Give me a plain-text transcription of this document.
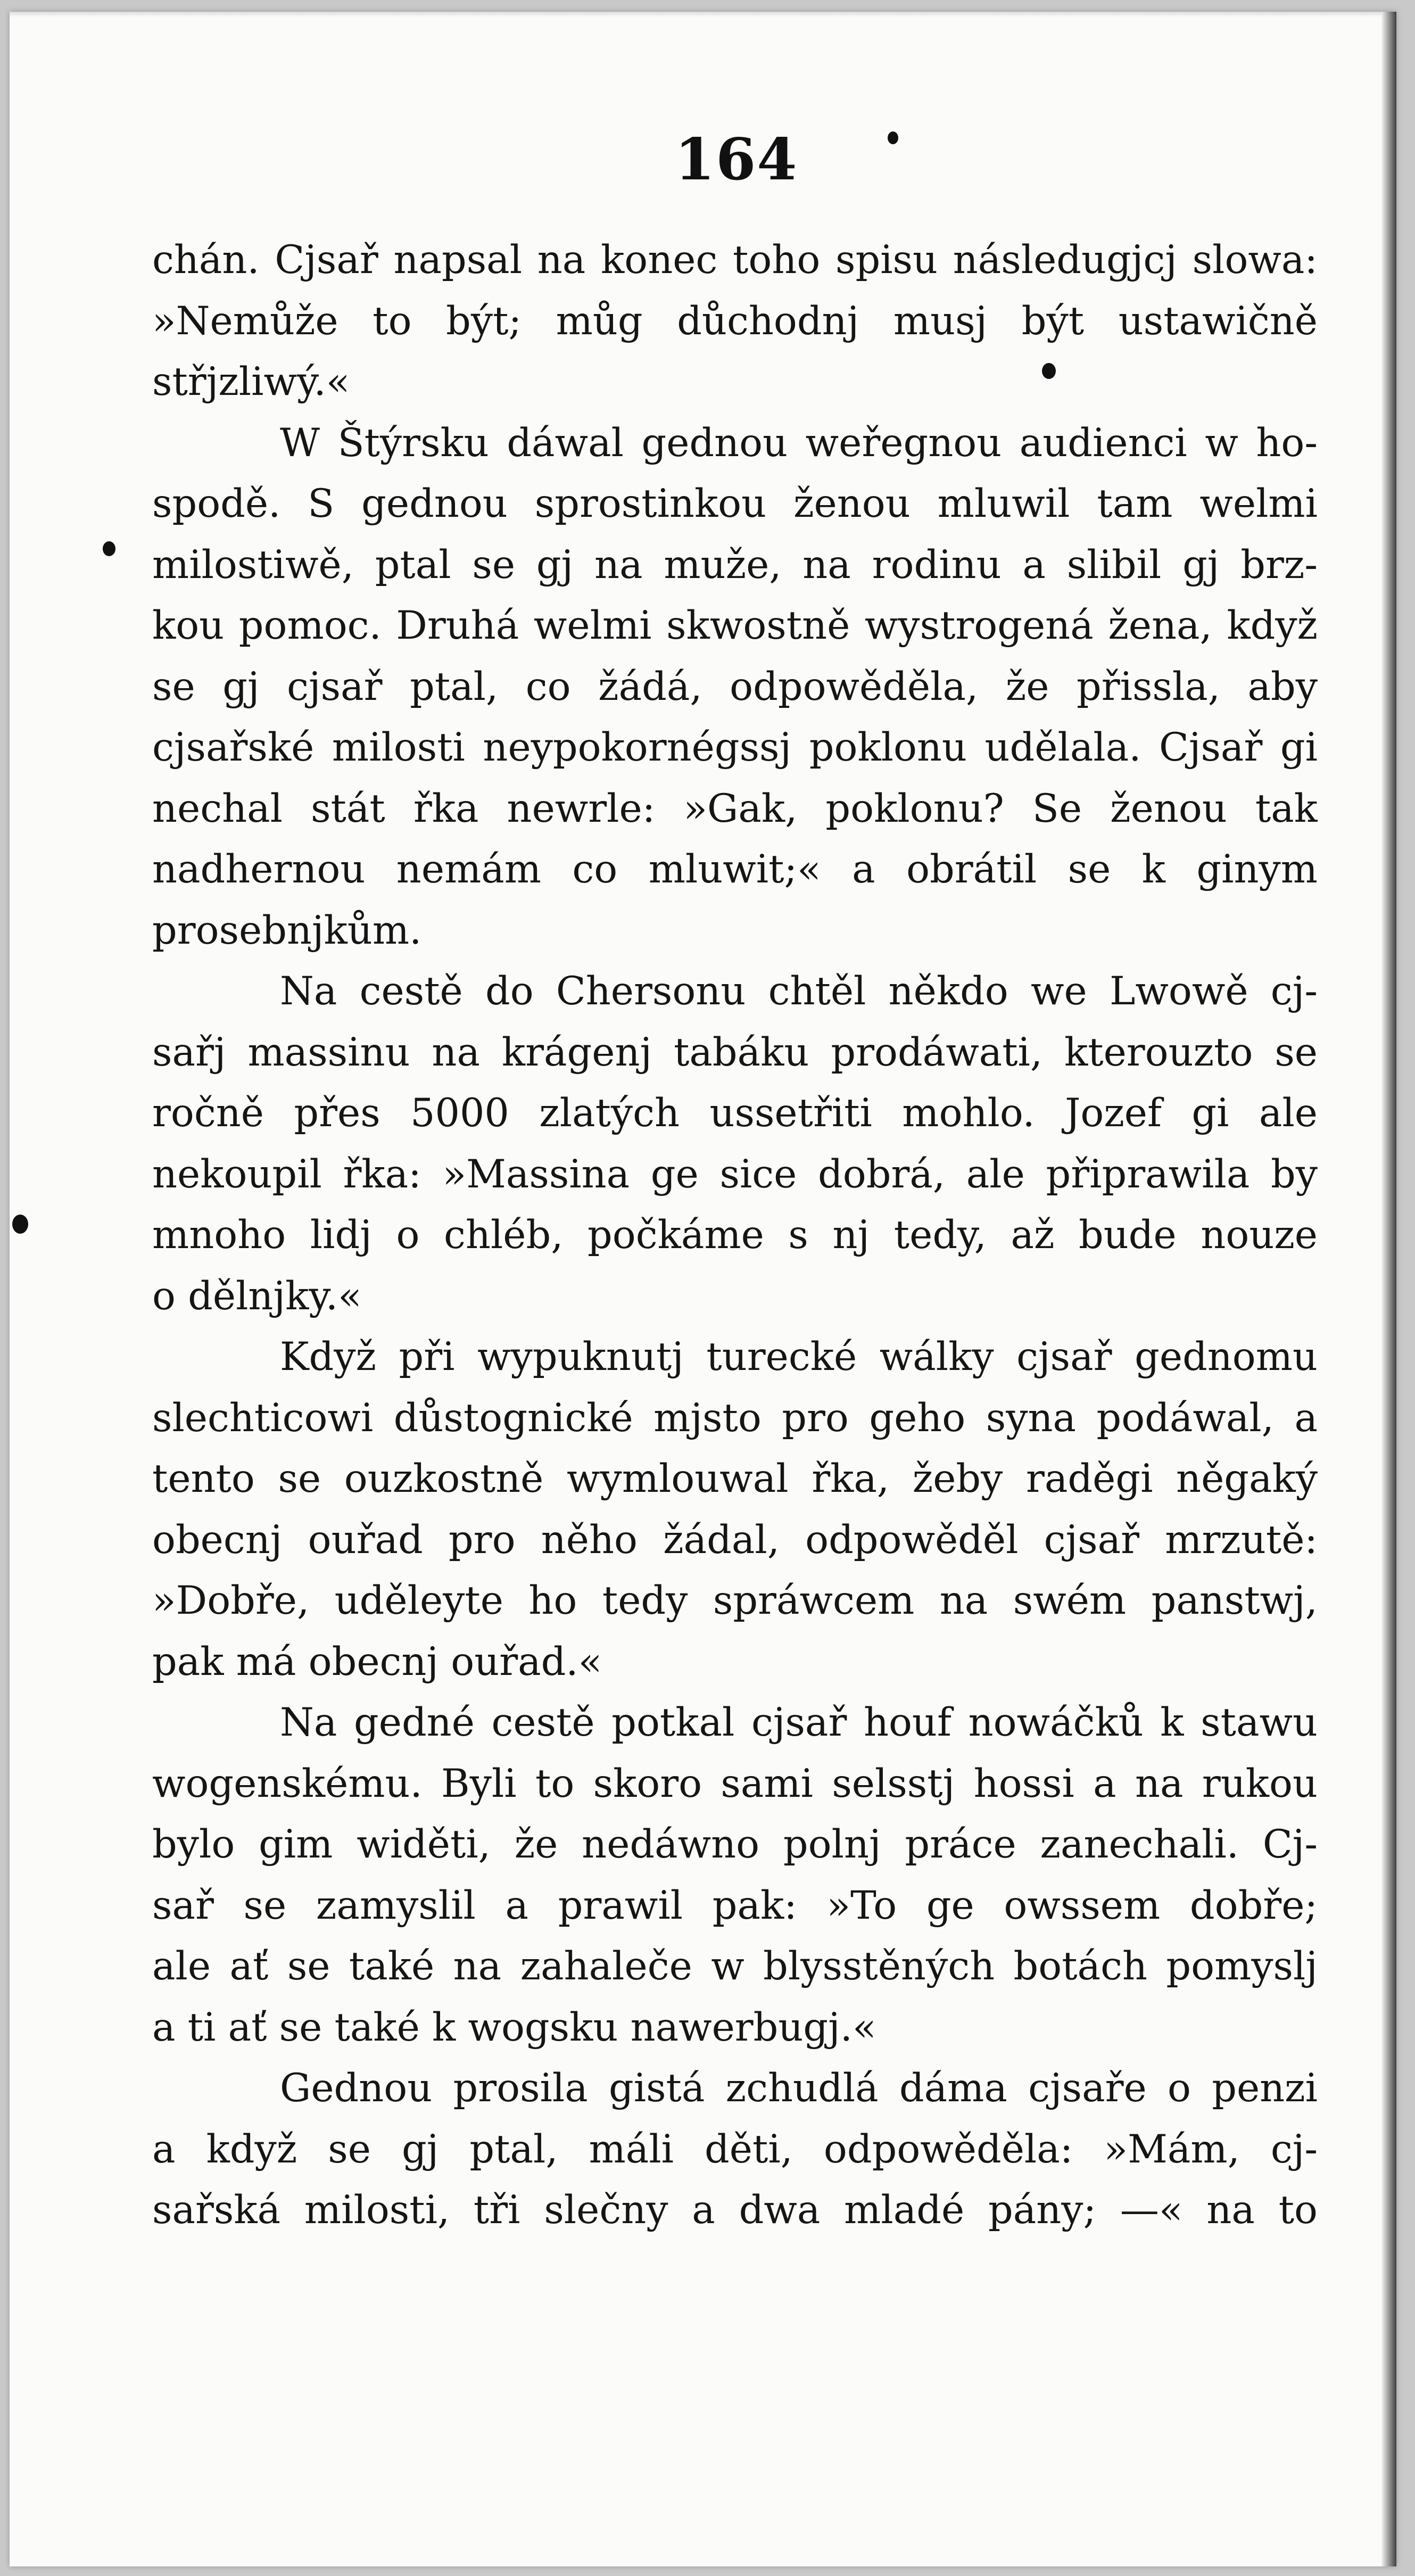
164

chán. Cjsař napsal na konec toho spisu následugjcj slowa:
»Nemůže to být; můg důchodnj musj být ustawičně
střjzliwý.«

W Štýrsku dáwal gednou weřegnou audienci w ho-
spodě. S gednou sprostinkou ženou mluwil tam welmi
milostiwě, ptal se gj na muže, na rodinu a slibil gj brz-
kou pomoc. Druhá welmi skwostně wystrogená žena, když
se gj cjsař ptal, co žádá, odpowěděla, že přissla, aby
cjsařské milosti neypokornégssj poklonu udělala. Cjsař gi
nechal stát řka newrle: »Gak, poklonu? Se ženou tak
nadhernou nemám co mluwit;« a obrátil se k ginym
prosebnjkům.

Na cestě do Chersonu chtěl někdo we Lwowě cj-
sařj massinu na krágenj tabáku prodáwati, kterouzto se
ročně přes 5000 zlatých ussetřiti mohlo. Jozef gi ale
nekoupil řka: »Massina ge sice dobrá, ale připrawila by
mnoho lidj o chléb, počkáme s nj tedy, až bude nouze
o dělnjky.«

Když při wypuknutj turecké wálky cjsař gednomu
slechticowi důstognické mjsto pro geho syna podáwal, a
tento se ouzkostně wymlouwal řka, žeby raděgi něgaký
obecnj ouřad pro něho žádal, odpowěděl cjsař mrzutě:
»Dobře, uděleyte ho tedy spráwcem na swém panstwj,
pak má obecnj ouřad.«

Na gedné cestě potkal cjsař houf nowáčků k stawu
wogenskému. Byli to skoro sami selsstj hossi a na rukou
bylo gim widěti, že nedáwno polnj práce zanechali. Cj-
sař se zamyslil a prawil pak: »To ge owssem dobře;
ale ať se také na zahaleče w blysstěných botách pomyslj
a ti ať se také k wogsku nawerbugj.«

Gednou prosila gistá zchudlá dáma cjsaře o penzi
a když se gj ptal, máli děti, odpowěděla: »Mám, cj-
sařská milosti, tři slečny a dwa mladé pány; —« na to
